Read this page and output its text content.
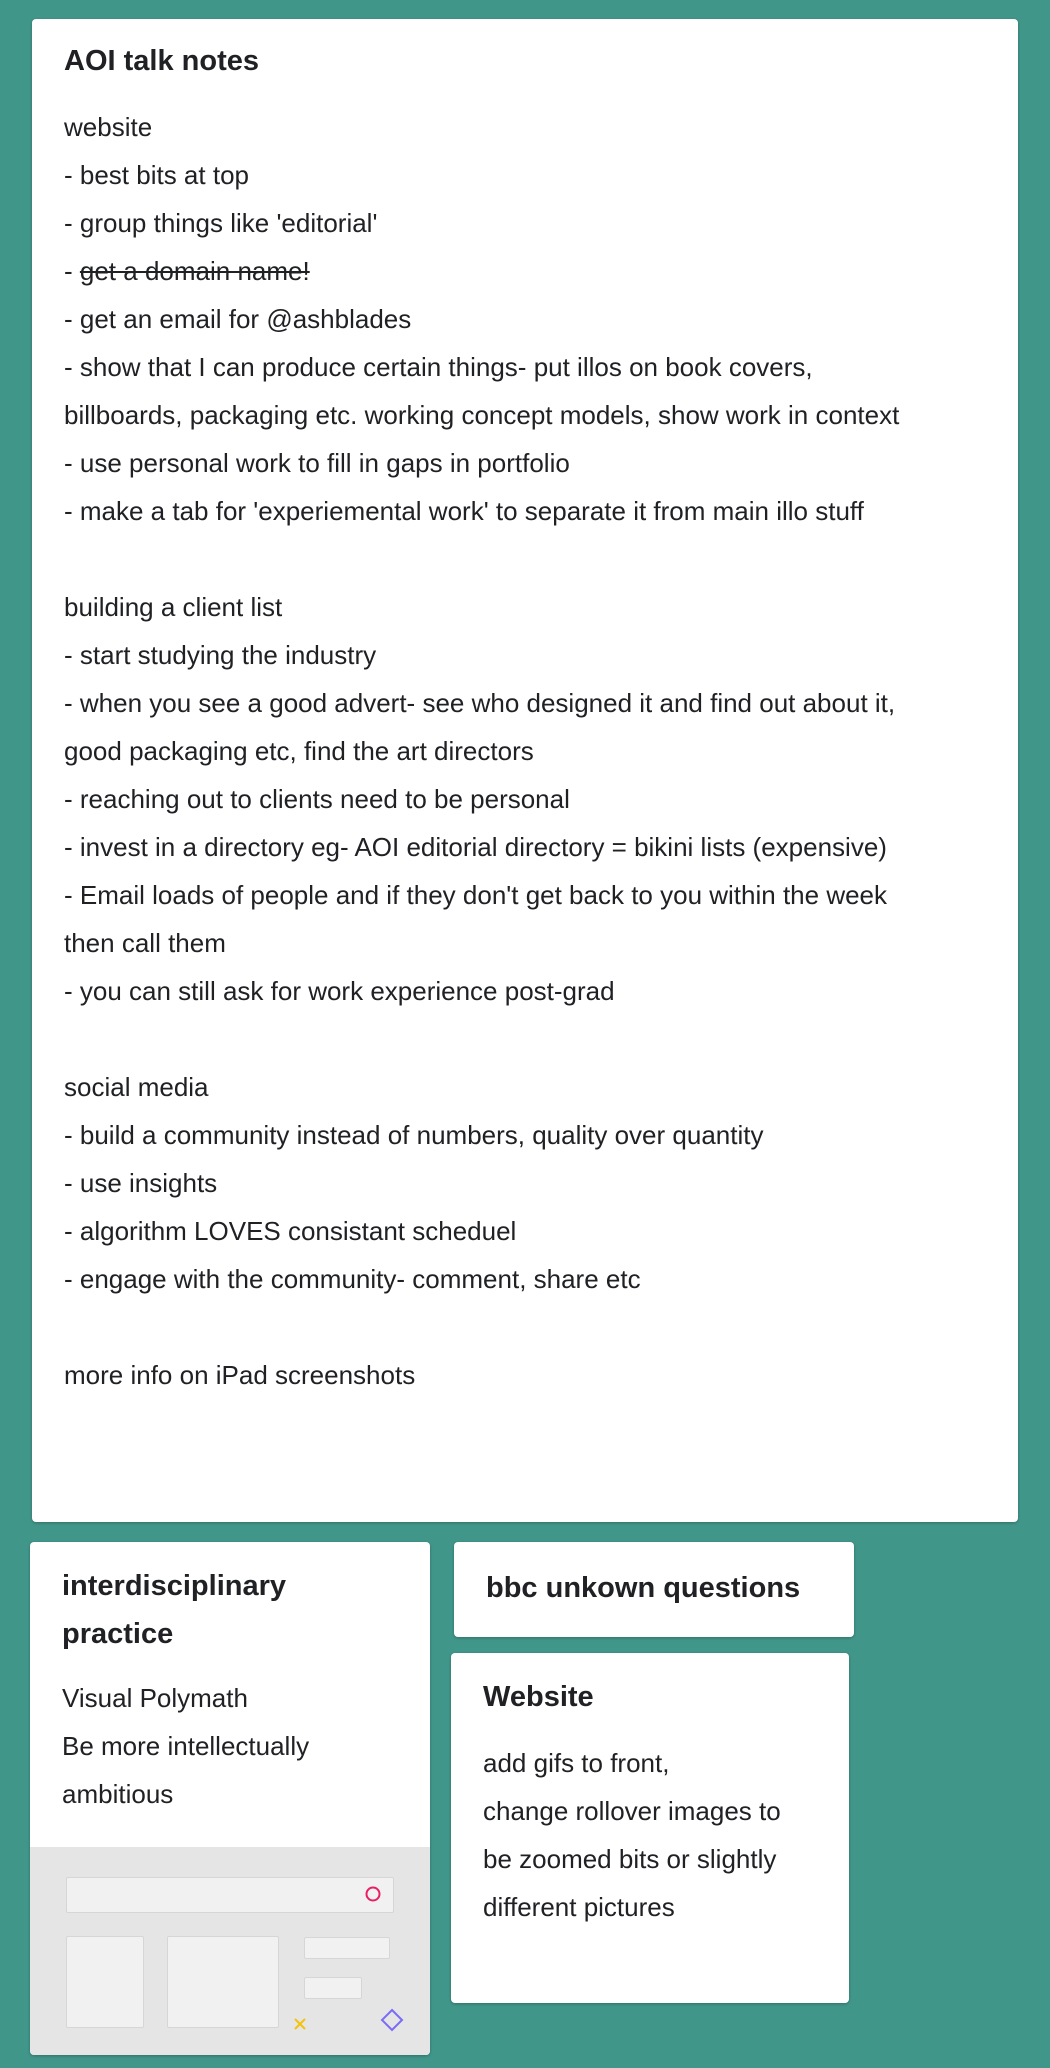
AOI talk notes

website

- best bits at top

- group things like 'editorial'

- get a domain name!

- get an email for @ashblades

- show that I can produce certain things- put illos on book covers,

billboards, packaging etc. working concept models, show work in context

- use personal work to fill in gaps in portfolio

- make a tab for 'experiemental work' to separate it from main illo stuff

building a client list

- start studying the industry

- when you see a good advert- see who designed it and find out about it,

good packaging etc, find the art directors

- reaching out to clients need to be personal

- invest in a directory eg- AOI editorial directory = bikini lists (expensive)

- Email loads of people and if they don't get back to you within the week

then call them

- you can still ask for work experience post-grad

social media

- build a community instead of numbers, quality over quantity

- use insights

- algorithm LOVES consistant scheduel

- engage with the community- comment, share etc

more info on iPad screenshots

interdisciplinary
practice

Visual Polymath

Be more intellectually

ambitious

bbc unkown questions
Website

add gifs to front,

change rollover images to

be zoomed bits or slightly

different pictures
